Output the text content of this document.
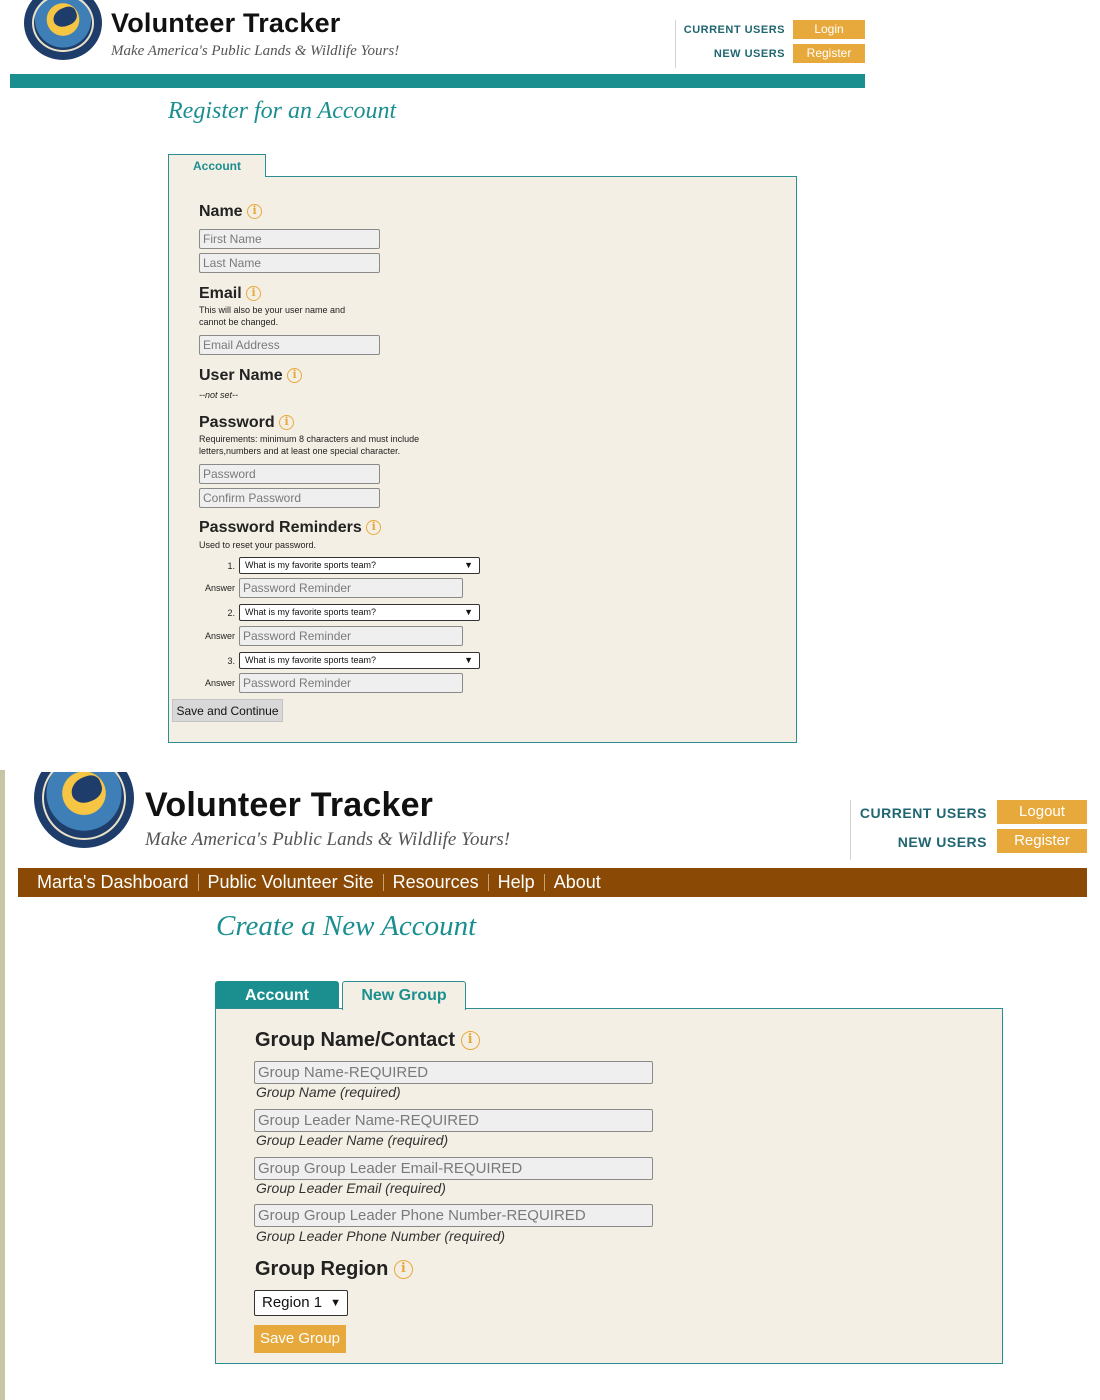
Volunteer Tracker
Make America's Public Lands & Wildlife Yours!
CURRENT USERS	Login
NEW USERS	Register
Register for an Account
Account
Name i
First Name
Last Name
Email i
This will also be your user name and
cannot be changed.
Email Address
User Name i
--not set--
Password i
Requirements: minimum 8 characters and must include
letters,numbers and at least one special character.
Password
Confirm Password
Password Reminders i
Used to reset your password.
1.	What is my favorite sports team?	▼
Answer Password Reminder
2.	What is my favorite sports team?	▼
Answer Password Reminder
3.	What is my favorite sports team?	▼
Answer Password Reminder
Save and Continue
Volunteer Tracker
Make America's Public Lands & Wildlife Yours!
CURRENT USERS	Logout
NEW USERS	Register
Marta's Dashboard Public Volunteer Site Resources Help About
Create a New Account
Account	New Group
Group Name/Contact i
Group Name-REQUIRED
Group Name (required)
Group Leader Name-REQUIRED
Group Leader Name (required)
Group Group Leader Email-REQUIRED
Group Leader Email (required)
Group Group Leader Phone Number-REQUIRED
Group Leader Phone Number (required)
Group Region i
Region 1 ▼
Save Group
